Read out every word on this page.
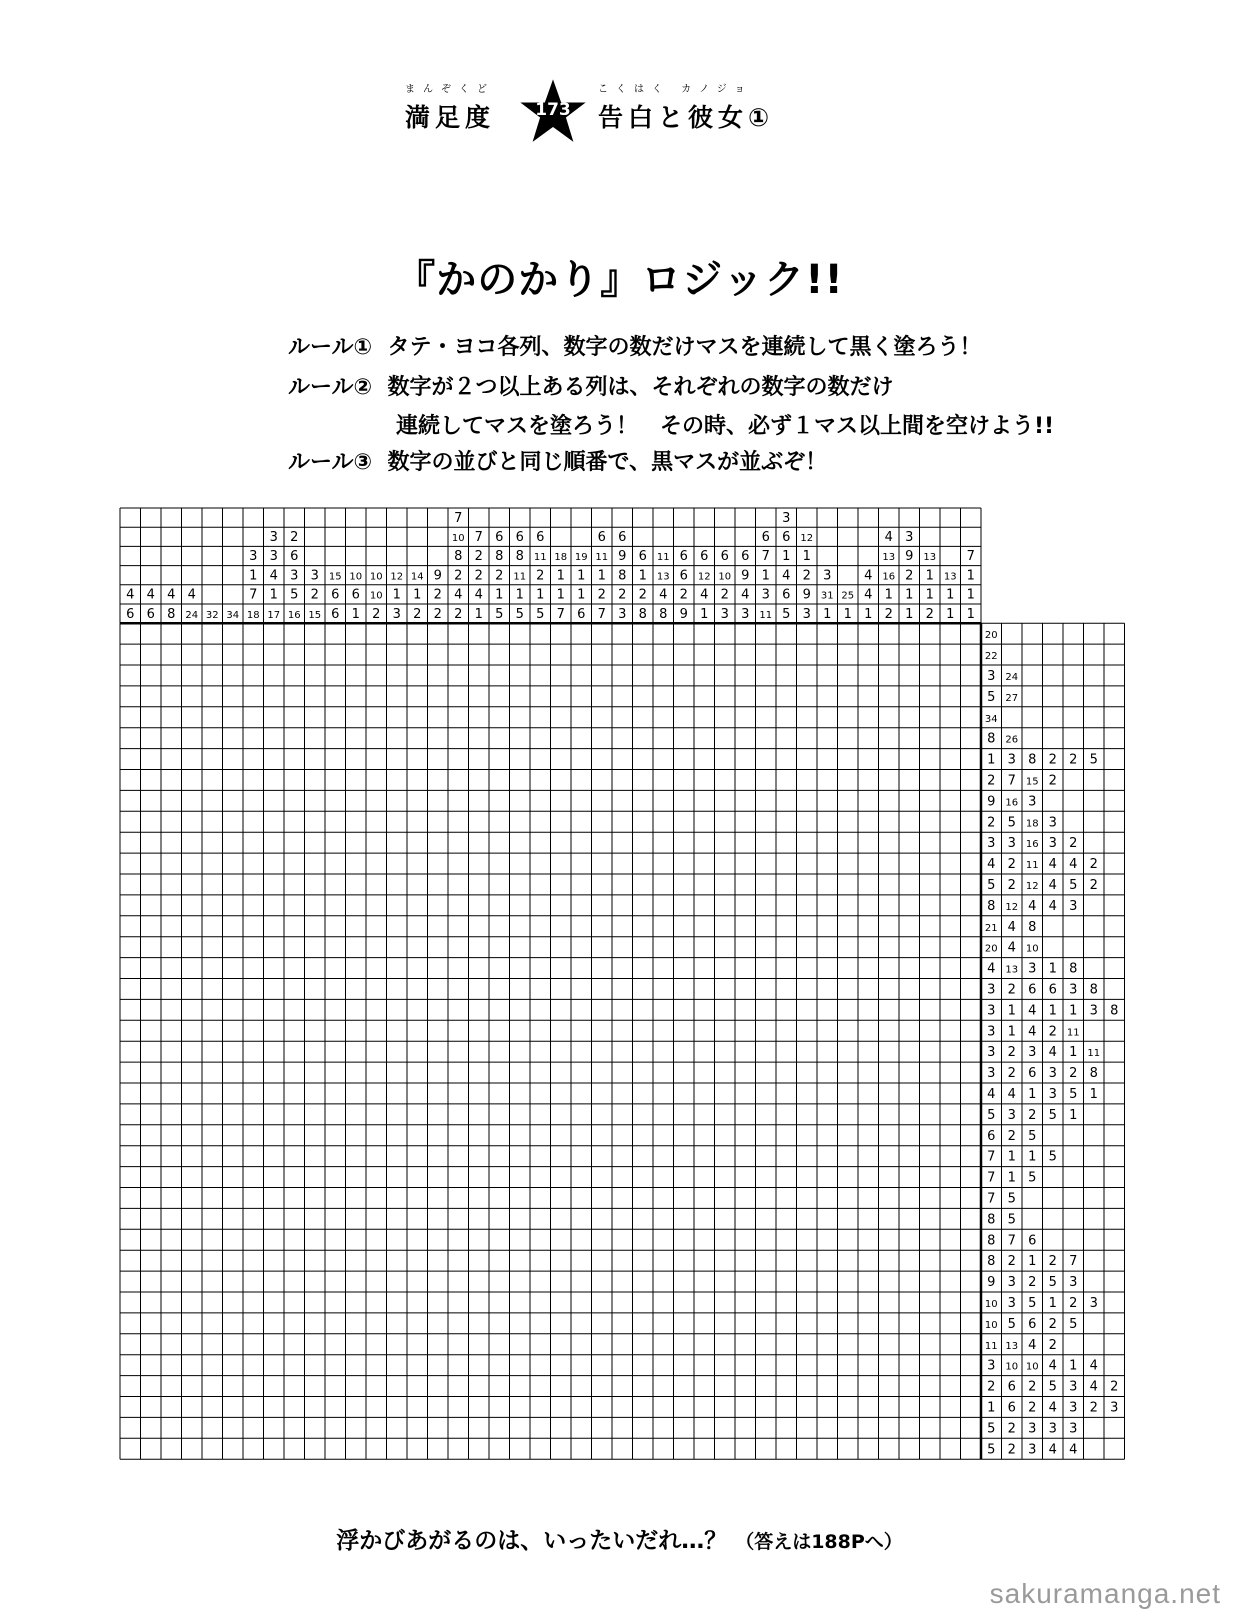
まんぞくど
満足度	173
こくはく カノジョ
告白と彼女①
『かのかり』ロジック!!
ルール① タテ・ヨコ各列、数字の数だけマスを連続して黒く塗ろう！
ルール② 数字が２つ以上ある列は、それぞれの数字の数だけ
連続してマスを塗ろう！　その時、必ず１マス以上間を空けよう!!
ルール③ 数字の並びと同じ順番で、黒マスが並ぶぞ！
4
6
4
6
4
8
4
24 32 34
3
1
7
18
3
3
4
1
17
2
6
3
5
16
3
2
15
15
6
6
10
6
1
10
10
2
12
1
3
14
1
2
9
2
2
7
10
8
2
4
2
7
2
2
4
1
6
8
2
1
5
6
8
11
1
5
6
11
2
1
5
18
1
1
7
19
1
1
6
6
11
1
2
7
6
9
8
2
3
6
1
2
8
11
13
4
8
6
6
2
9
6
12
4
1
6
10
2
3
6
9
4
3
6
7
1
3
11
3
6
1
4
6
5
12
1
2
9
3
3
31
1
25
1
4
4
1
4
13
16
1
2
3
9
2
1
1
13
1
1
2
13
1
1
7
1
1
1
20
22
3 24
5 27
34
8 26
1 3 8 2 2 5
2 7 15 2
9 16 3
2 5 18 3
3 3 16 3 2
4 2 11 4 4 2
5 2 12 4 5 2
8 12 4 4 3
21 4 8
20 4 10
4 13 3 1 8
3 2 6 6 3 8
3 1 4 1 1 3 8
3 1 4 2 11
3 2 3 4 1 11
3 2 6 3 2 8
4 4 1 3 5 1
5 3 2 5 1
6 2 5
7 1 1 5
7 1 5
7 5
8 5
8 7 6
8 2 1 2 7
9 3 2 5 3
10 3 5 1 2 3
10 5 6 2 5
11 13 4 2
3 10 10 4 1 4
2 6 2 5 3 4 2
1 6 2 4 3 2 3
5 2 3 3 3
5 2 3 4 4
浮かびあがるのは、いったいだれ…？ （答えは188Pへ）
sakuramanga.net
